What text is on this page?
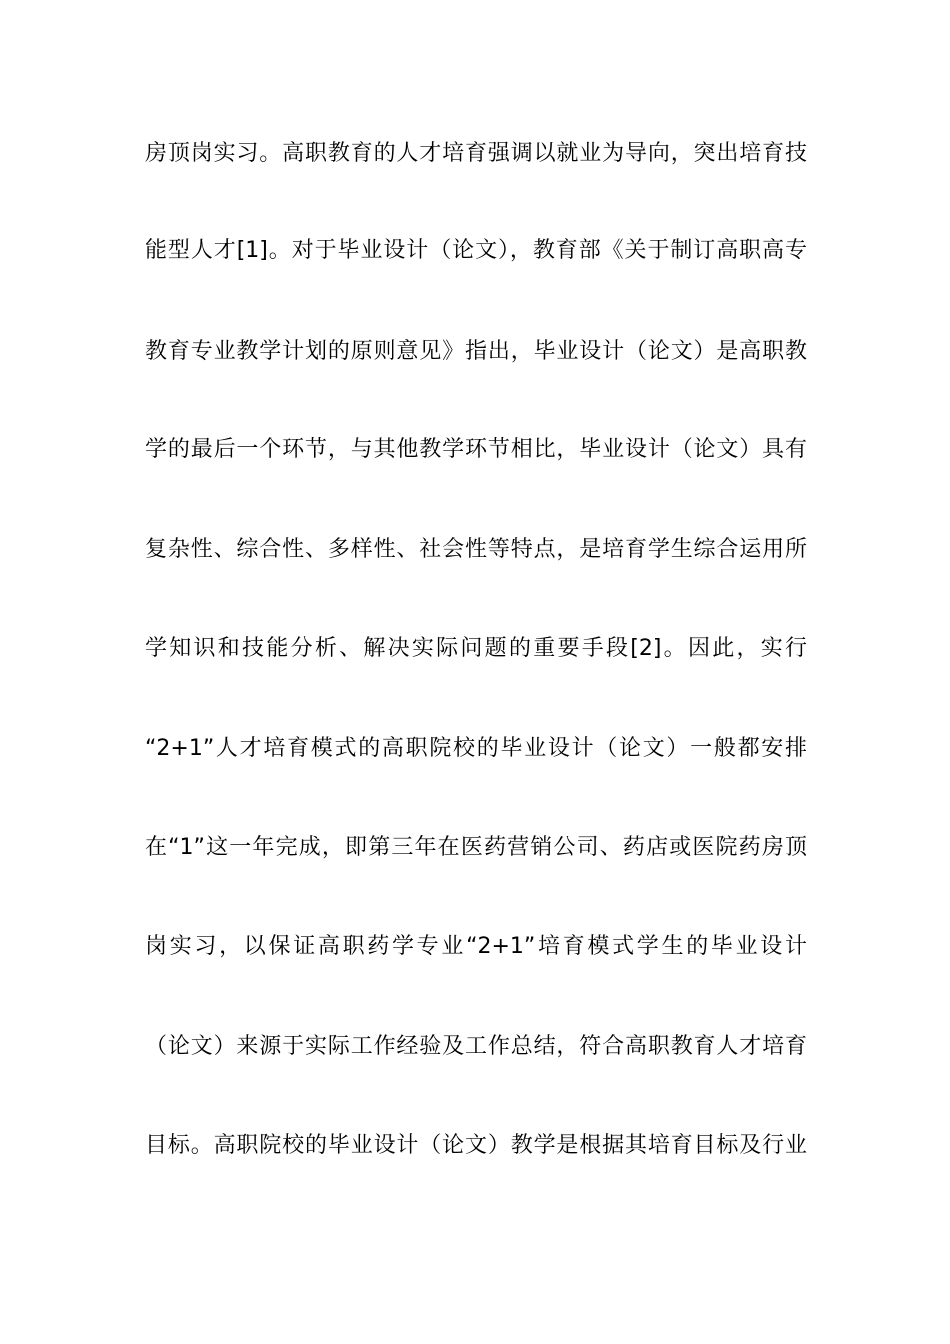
房顶岗实习。高职教育的人才培育强调以就业为导向，突出培育技
能型人才[1]。对于毕业设计（论文），教育部《关于制订高职高专
教育专业教学计划的原则意见》指出，毕业设计（论文）是高职教
学的最后一个环节，与其他教学环节相比，毕业设计（论文）具有
复杂性、综合性、多样性、社会性等特点，是培育学生综合运用所
学知识和技能分析、解决实际问题的重要手段[2]。因此，实行
“2+1”人才培育模式的高职院校的毕业设计（论文）一般都安排
在“1”这一年完成，即第三年在医药营销公司、药店或医院药房顶
岗实习，以保证高职药学专业“2+1”培育模式学生的毕业设计
（论文）来源于实际工作经验及工作总结，符合高职教育人才培育
目标。高职院校的毕业设计（论文）教学是根据其培育目标及行业
